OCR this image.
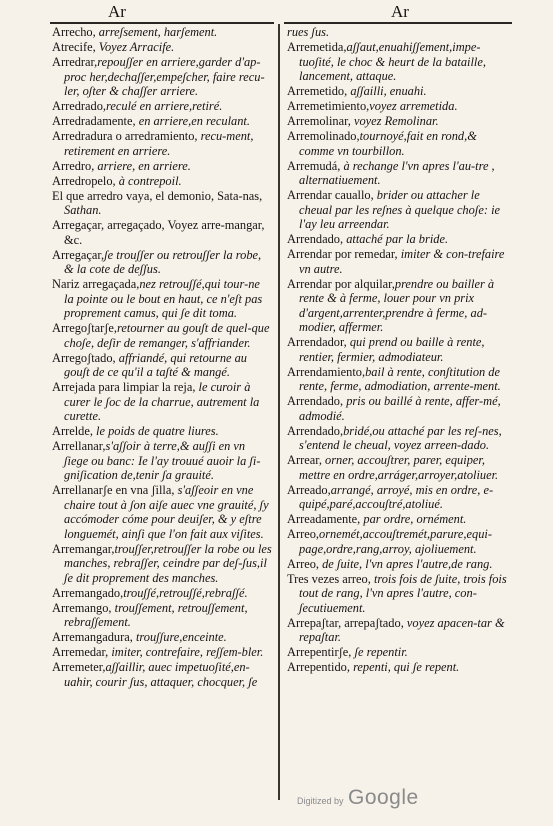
Ar	Ar
Arrecho, arreʃsement, harʃement.
Atrecife, Voyez Arracife.
Arredrar,repouʃʃer en arriere,garder d'ap-proc her,dechaʃʃer,empeʃcher, faire recu-ler, oʃter & chaʃʃer arriere.
Arredrado,reculé en arriere,retiré.
Arredradamente, en arriere,en reculant.
Arredradura o arredramiento, recu-ment, retirement en arriere.
Arredro, arriere, en arriere.
Arredropelo, à contrepoil.
El que arredro vaya, el demonio, Sata-nas, Sathan.
Arregaçar, arregaçado, Voyez arre-mangar, &c.
Arregaçar,ʃe trouʃʃer ou retrouʃʃer la robe, & la cote de deʃʃus.
Nariz arregaçada,nez retrouʃʃé,qui tour-ne la pointe ou le bout en haut, ce n'eʃt pas proprement camus, qui ʃe dit toma.
Arregoʃtarʃe,retourner au gouʃt de quel-que choʃe, deʃir de remanger, s'affriander.
Arregoʃtado, affriandé, qui retourne au gouʃt de ce qu'il a taʃté & mangé.
Arrejada para limpiar la reja, le curoir à curer le ʃoc de la charrue, autrement la curette.
Arrelde, le poids de quatre liures.
Arrellanar,s'aʃʃoir à terre,& auʃʃi en vn ʃiege ou banc: Ie l'ay trouué auoir la ʃi-gniʃication de,tenir ʃa grauité.
Arrellanarʃe en vna ʃilla, s'aʃʃeoir en vne chaire tout à ʃon aiʃe auec vne grauité, ʃy accómoder cóme pour deuiʃer, & y eʃtre longuemét, ainʃi que l'on fait aux viʃites.
Arremangar,trouʃʃer,retrouʃʃer la robe ou les manches, rebraʃʃer, ceindre par deʃ-ʃus,il ʃe dit proprement des manches.
Arremangado,trouʃʃé,retrouʃʃé,rebraʃʃé.
Arremango, trouʃʃement, retrouʃʃement, rebraʃʃement.
Arremangadura, trouʃʃure,enceinte.
Arremedar, imiter, contrefaire, reʃʃem-bler.
Arremeter,aʃʃaillir, auec impetuoʃité,en-uahir, courir ʃus, attaquer, chocquer, ʃe
rues ʃus.
Arremetida,aʃʃaut,enuahiʃʃement,impe-tuoʃité, le choc & heurt de la bataille, lancement, attaque.
Arremetido, aʃʃailli, enuahi.
Arremetimiento,voyez arremetida.
Arremolinar, voyez Remolinar.
Arremolinado,tournoyé,fait en rond,& comme vn tourbillon.
Arremudá, à rechange l'vn apres l'au-tre , alternatiuement.
Arrendar cauallo, brider ou attacher le cheual par les reʃnes à quelque choʃe: ie l'ay leu arreendar.
Arrendado, attaché par la bride.
Arrendar por remedar, imiter & con-trefaire vn autre.
Arrendar por alquilar,prendre ou bailler à rente & à ferme, louer pour vn prix d'argent,arrenter,prendre à ferme, ad-modier, affermer.
Arrendador, qui prend ou baille à rente, rentier, fermier, admodiateur.
Arrendamiento,bail à rente, conʃtitution de rente, ferme, admodiation, arrente-ment.
Arrendado, pris ou baillé à rente, affer-mé, admodié.
Arrendado,bridé,ou attaché par les reʃ-nes, s'entend le cheual, voyez arreen-dado.
Arrear, orner, accouʃtrer, parer, equiper, mettre en ordre,arráger,arroyer,atoliuer.
Arreado,arrangé, arroyé, mis en ordre, e-quipé,paré,accouʃtré,atoliué.
Arreadamente, par ordre, ornément.
Arreo,ornemét,accouʃtremét,parure,equi-page,ordre,rang,arroy, ajoliuement.
Arreo, de ʃuite, l'vn apres l'autre,de rang.
Tres vezes arreo, trois fois de ʃuite, trois fois tout de rang, l'vn apres l'autre, con-ʃecutiuement.
Arrepaʃtar, arrepaʃtado, voyez apacen-tar & repaʃtar.
Arrepentirʃe, ʃe repentir.
Arrepentido, repenti, qui ʃe repent.
Digitized by Google
